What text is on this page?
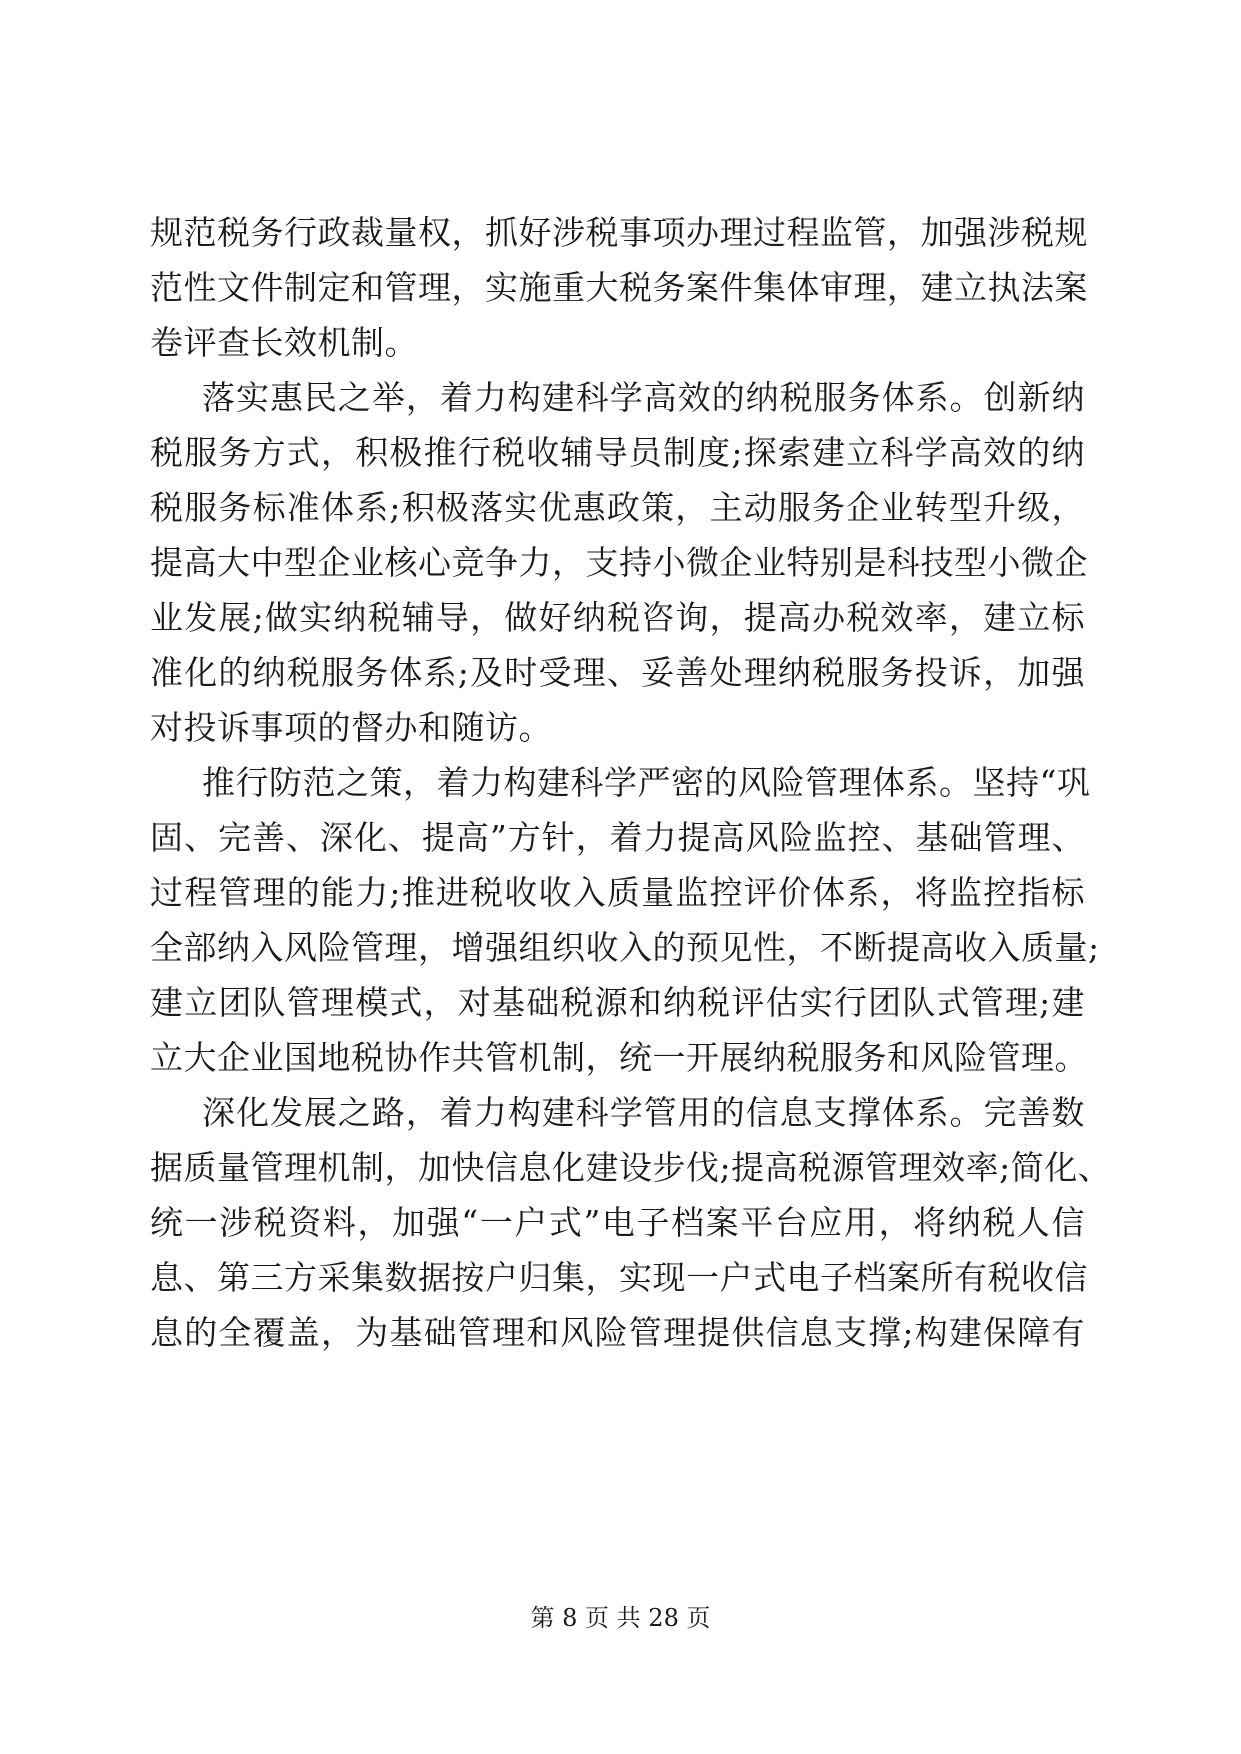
规范税务行政裁量权，抓好涉税事项办理过程监管，加强涉税规
范性文件制定和管理，实施重大税务案件集体审理，建立执法案
卷评查长效机制。
落实惠民之举，着力构建科学高效的纳税服务体系。创新纳
税服务方式，积极推行税收辅导员制度;探索建立科学高效的纳
税服务标准体系;积极落实优惠政策，主动服务企业转型升级，
提高大中型企业核心竞争力，支持小微企业特别是科技型小微企
业发展;做实纳税辅导，做好纳税咨询，提高办税效率，建立标
准化的纳税服务体系;及时受理、妥善处理纳税服务投诉，加强
对投诉事项的督办和随访。
推行防范之策，着力构建科学严密的风险管理体系。坚持“巩
固、完善、深化、提高”方针，着力提高风险监控、基础管理、
过程管理的能力;推进税收收入质量监控评价体系，将监控指标
全部纳入风险管理，增强组织收入的预见性，不断提高收入质量;
建立团队管理模式，对基础税源和纳税评估实行团队式管理;建
立大企业国地税协作共管机制，统一开展纳税服务和风险管理。
深化发展之路，着力构建科学管用的信息支撑体系。完善数
据质量管理机制，加快信息化建设步伐;提高税源管理效率;简化、
统一涉税资料，加强“一户式”电子档案平台应用，将纳税人信
息、第三方采集数据按户归集，实现一户式电子档案所有税收信
息的全覆盖，为基础管理和风险管理提供信息支撑;构建保障有
第 8 页 共 28 页
